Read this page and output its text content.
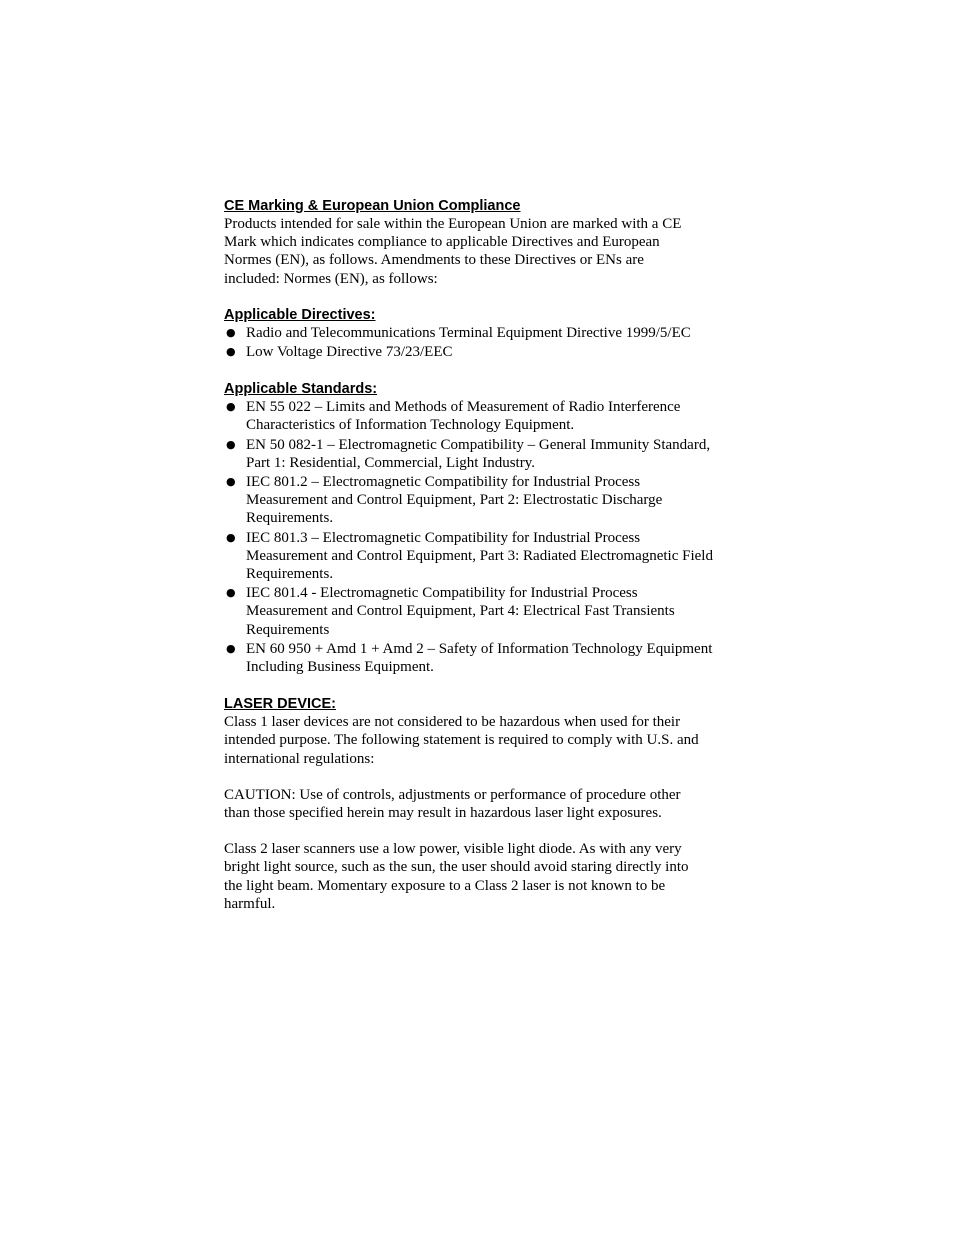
CE Marking & European Union Compliance

Products intended for sale within the European Union are marked with a CE Mark which indicates compliance to applicable Directives and European Normes (EN), as follows. Amendments to these Directives or ENs are included: Normes (EN), as follows:

Applicable Directives:

● Radio and Telecommunications Terminal Equipment Directive 1999/5/EC
● Low Voltage Directive 73/23/EEC

Applicable Standards:

● EN 55 022 – Limits and Methods of Measurement of Radio Interference Characteristics of Information Technology Equipment.
● EN 50 082-1 – Electromagnetic Compatibility – General Immunity Standard, Part 1: Residential, Commercial, Light Industry.
● IEC 801.2 – Electromagnetic Compatibility for Industrial Process Measurement and Control Equipment, Part 2: Electrostatic Discharge Requirements.
● IEC 801.3 – Electromagnetic Compatibility for Industrial Process Measurement and Control Equipment, Part 3: Radiated Electromagnetic Field Requirements.
● IEC 801.4 - Electromagnetic Compatibility for Industrial Process Measurement and Control Equipment, Part 4: Electrical Fast Transients Requirements
● EN 60 950 + Amd 1 + Amd 2 – Safety of Information Technology Equipment Including Business Equipment.

LASER DEVICE:

Class 1 laser devices are not considered to be hazardous when used for their intended purpose. The following statement is required to comply with U.S. and international regulations:

CAUTION: Use of controls, adjustments or performance of procedure other than those specified herein may result in hazardous laser light exposures.

Class 2 laser scanners use a low power, visible light diode. As with any very bright light source, such as the sun, the user should avoid staring directly into the light beam. Momentary exposure to a Class 2 laser is not known to be harmful.
